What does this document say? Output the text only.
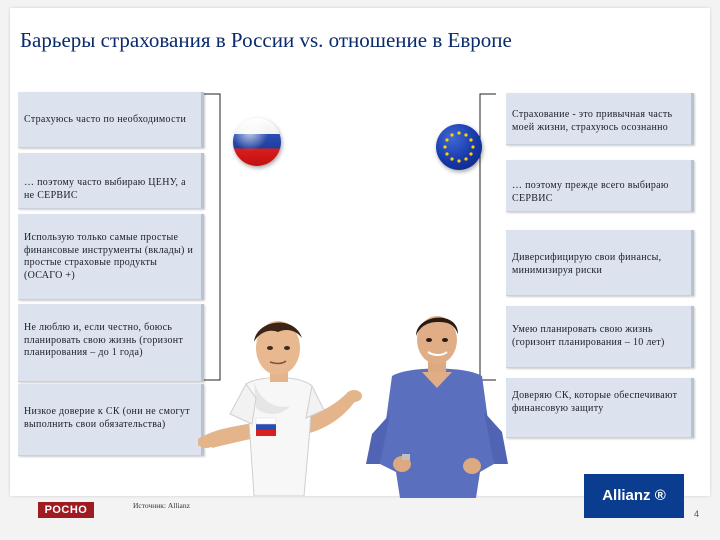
Барьеры страхования в России vs. отношение в Европе
Страхуюсь часто по необходимости
… поэтому часто выбираю ЦЕНУ, а не СЕРВИС
Использую только самые простые финансовые инструменты (вклады) и простые страховые продукты (ОСАГО +)
Не люблю и, если честно, боюсь планировать свою жизнь (горизонт планирования – до 1 года)
Низкое доверие к СК (они не смогут выполнить свои обязательства)
Страхование - это привычная часть моей жизни, страхуюсь осознанно
… поэтому прежде всего выбираю СЕРВИС
Диверсифицирую свои финансы, минимизируя риски
Умею планировать свою жизнь (горизонт планирования – 10 лет)
Доверяю СК, которые обеспечивают финансовую защиту
РОСНО	Источник: Allianz
Allianz ®
4
